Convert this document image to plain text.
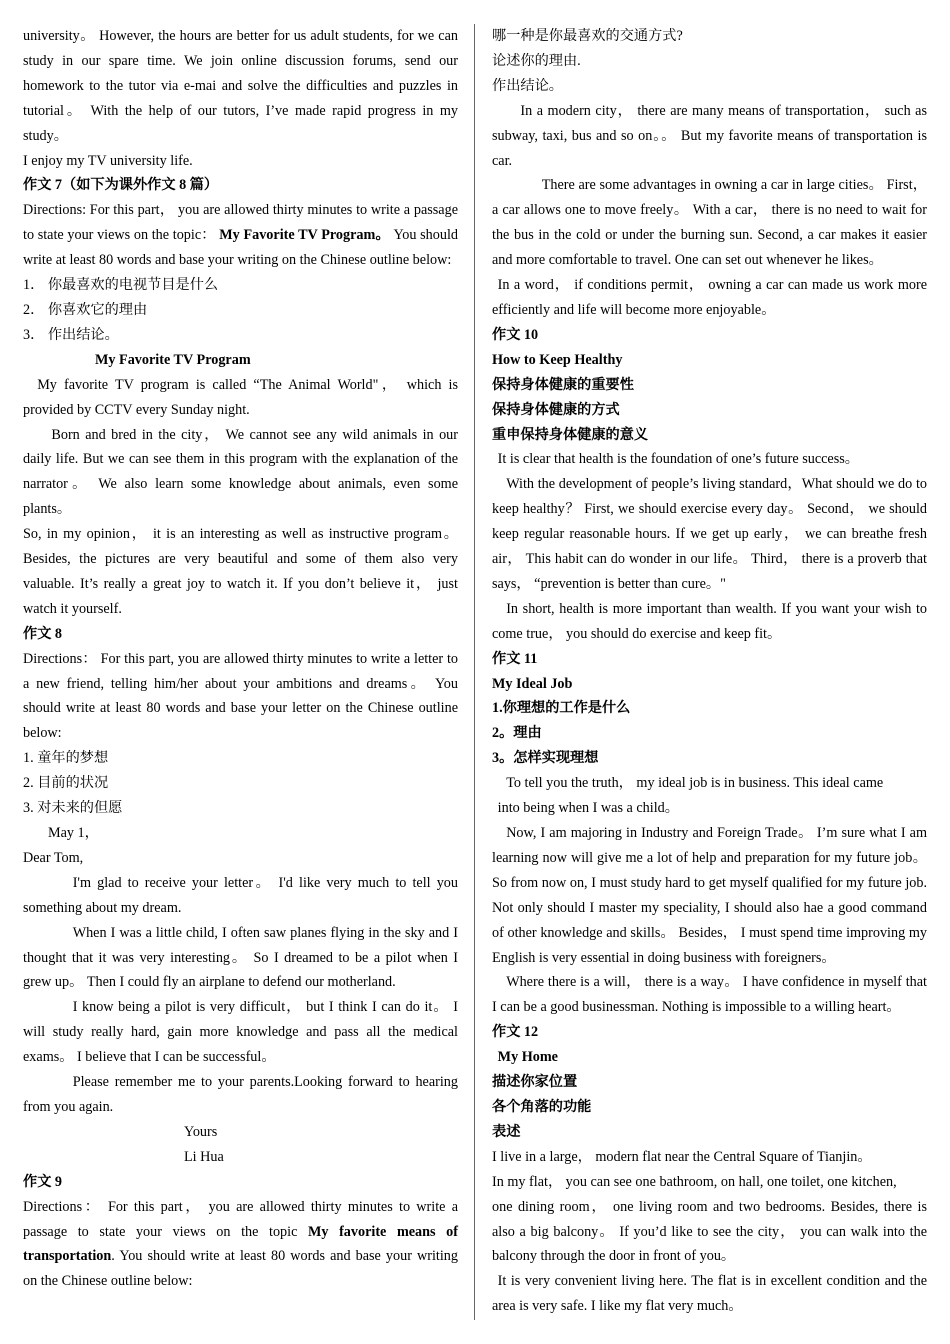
university。 However, the hours are better for us adult students, for we can study in our spare time. We join online discussion forums, send our homework to the tutor via e-mai and solve the difficulties and puzzles in tutorial。 With the help of our tutors, I’ve made rapid progress in my study。

I enjoy my TV university life.

作文 7（如下为课外作文 8 篇）

Directions: For this part， you are allowed thirty minutes to write a passage to state your views on the topic： My Favorite TV Program。 You should write at least 80 words and base your writing on the Chinese outline below:

1． 你最喜欢的电视节目是什么

2． 你喜欢它的理由

3． 作出结论。

My Favorite TV Program

My favorite TV program is called “The Animal World"， which is provided by CCTV every Sunday night.

Born and bred in the city， We cannot see any wild animals in our daily life. But we can see them in this program with the explanation of the narrator。 We also learn some knowledge about animals, even some plants。

So, in my opinion， it is an interesting as well as instructive program。 Besides, the pictures are very beautiful and some of them also very valuable. It’s really a great joy to watch it. If you don’t believe it， just watch it yourself.

作文 8

Directions： For this part, you are allowed thirty minutes to write a letter to a new friend, telling him/her about your ambitions and dreams。 You should write at least 80 words and base your letter on the Chinese outline below:

1. 童年的梦想

2. 目前的状况

3. 对未来的但愿

May 1，

Dear Tom,

I'm glad to receive your letter。 I'd like very much to tell you something about my dream.

When I was a little child, I often saw planes flying in the sky and I thought that it was very interesting。 So I dreamed to be a pilot when I grew up。 Then I could fly an airplane to defend our motherland.

I know being a pilot is very difficult， but I think I can do it。 I will study really hard, gain more knowledge and pass all the medical exams。 I believe that I can be successful。

Please remember me to your parents.Looking forward to hearing from you again.

Yours

Li Hua

作文 9

Directions： For this part， you are allowed thirty minutes to write a passage to state your views on the topic My favorite means of transportation. You should write at least 80 words and base your writing on the Chinese outline below:

哪一种是你最喜欢的交通方式?

论述你的理由.

作出结论。

In a modern city， there are many means of transportation， such as subway, taxi, bus and so on。。 But my favorite means of transportation is car.

There are some advantages in owning a car in large cities。 First，a car allows one to move freely。 With a car， there is no need to wait for the bus in the cold or under the burning sun. Second, a car makes it easier and more comfortable to travel. One can set out whenever he likes。

In a word， if conditions permit， owning a car can made us work more efficiently and life will become more enjoyable。

作文 10

How to Keep Healthy

保持身体健康的重要性

保持身体健康的方式

重申保持身体健康的意义

It is clear that health is the foundation of one’s future success。

With the development of people’s living standard，What should we do to keep healthy？ First, we should exercise every day。 Second， we should keep regular reasonable hours. If we get up early， we can breathe fresh air， This habit can do wonder in our life。 Third， there is a proverb that says， “prevention is better than cure。"

In short, health is more important than wealth. If you want your wish to come true， you should do exercise and keep fit。

作文 11

My Ideal Job

1.你理想的工作是什么

2。理由

3。怎样实现理想

To tell you the truth， my ideal job is in business. This ideal came

into being when I was a child。

Now, I am majoring in Industry and Foreign Trade。 I’m sure what I am learning now will give me a lot of help and preparation for my future job。 So from now on, I must study hard to get myself qualified for my future job. Not only should I master my speciality, I should also hae a good command of other knowledge and skills。 Besides， I must spend time improving my English is very essential in doing business with foreigners。

Where there is a will， there is a way。 I have confidence in myself that I can be a good businessman. Nothing is impossible to a willing heart。

作文 12

My Home

描述你家位置

各个角落的功能

表述

I live in a large， modern flat near the Central Square of Tianjin。

In my flat， you can see one bathroom, on hall, one toilet, one kitchen,

one dining room， one living room and two bedrooms. Besides, there is also a big balcony。 If you’d like to see the city， you can walk into the balcony through the door in front of you。

It is very convenient living here. The flat is in excellent condition and the area is very safe. I like my flat very much。
